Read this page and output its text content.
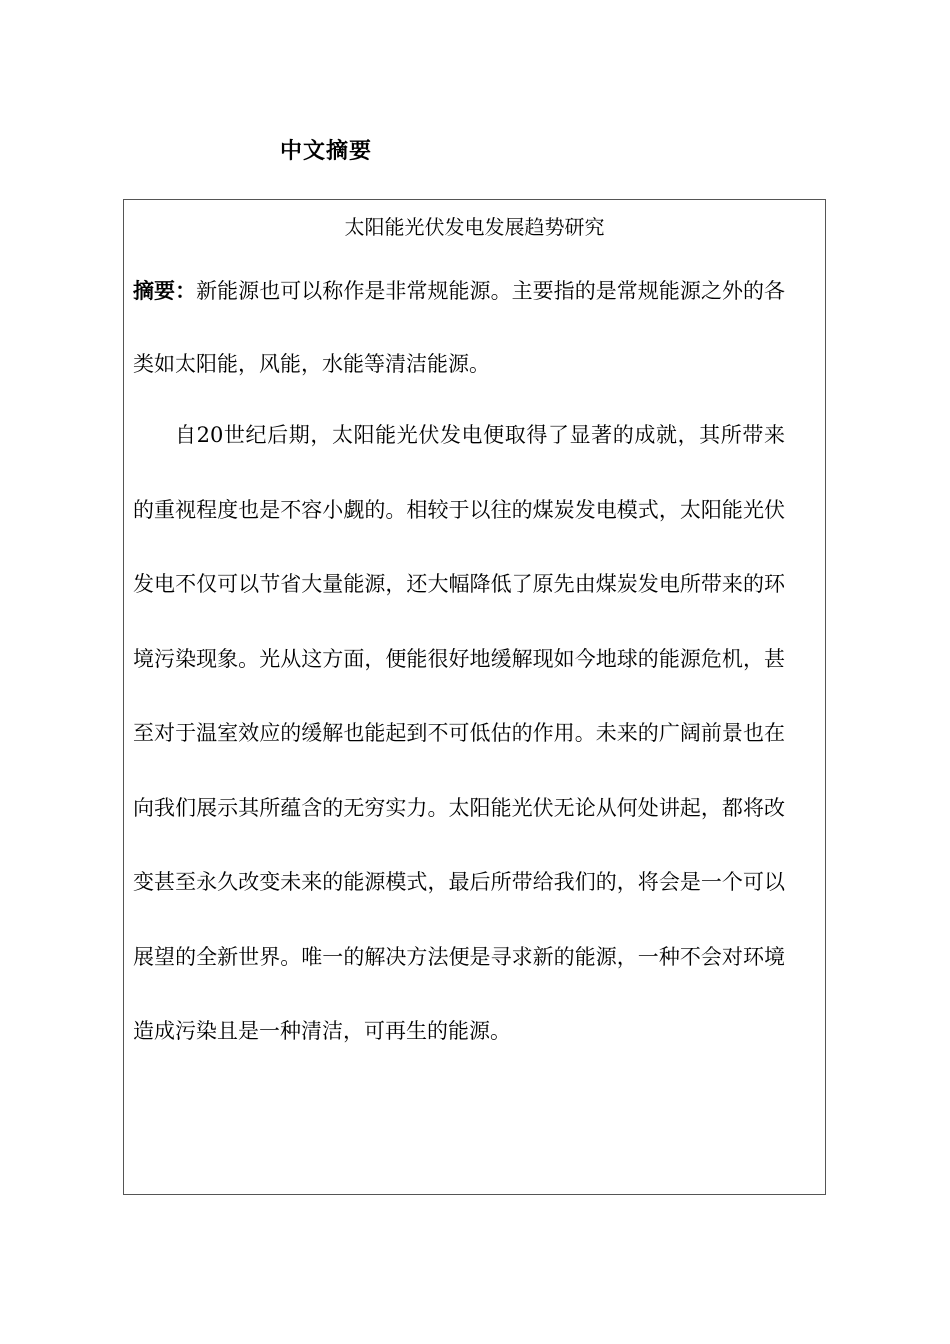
中文摘要
太阳能光伏发电发展趋势研究

摘要：新能源也可以称作是非常规能源。主要指的是常规能源之外的各类如太阳能，风能，水能等清洁能源。

自20世纪后期，太阳能光伏发电便取得了显著的成就，其所带来的重视程度也是不容小觑的。相较于以往的煤炭发电模式，太阳能光伏发电不仅可以节省大量能源，还大幅降低了原先由煤炭发电所带来的环境污染现象。光从这方面，便能很好地缓解现如今地球的能源危机，甚至对于温室效应的缓解也能起到不可低估的作用。未来的广阔前景也在向我们展示其所蕴含的无穷实力。太阳能光伏无论从何处讲起，都将改变甚至永久改变未来的能源模式，最后所带给我们的，将会是一个可以展望的全新世界。唯一的解决方法便是寻求新的能源，一种不会对环境造成污染且是一种清洁，可再生的能源。
